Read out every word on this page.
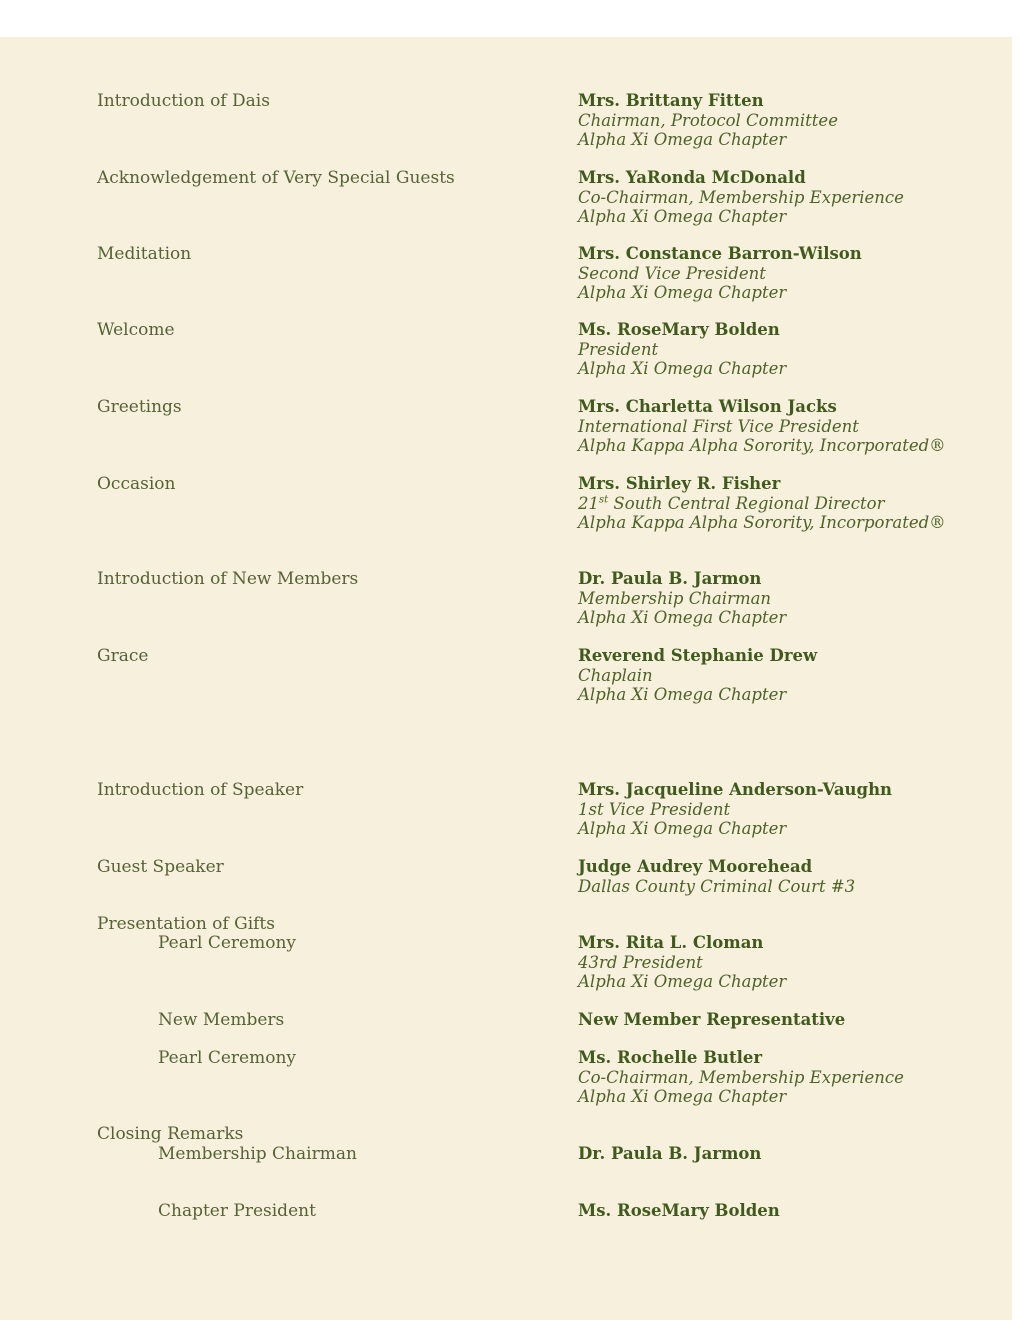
Introduction of Dais	Mrs. Brittany Fitten
Chairman, Protocol Committee
Alpha Xi Omega Chapter
Acknowledgement of Very Special Guests	Mrs. YaRonda McDonald
Co-Chairman, Membership Experience
Alpha Xi Omega Chapter
Meditation	Mrs. Constance Barron-Wilson
Second Vice President
Alpha Xi Omega Chapter
Welcome	Ms. RoseMary Bolden
President
Alpha Xi Omega Chapter
Greetings	Mrs. Charletta Wilson Jacks
International First Vice President
Alpha Kappa Alpha Sorority, Incorporated®
Occasion	Mrs. Shirley R. Fisher
21st South Central Regional Director
Alpha Kappa Alpha Sorority, Incorporated®
Introduction of New Members	Dr. Paula B. Jarmon
Membership Chairman
Alpha Xi Omega Chapter
Grace	Reverend Stephanie Drew
Chaplain
Alpha Xi Omega Chapter
Introduction of Speaker	Mrs. Jacqueline Anderson-Vaughn
1st Vice President
Alpha Xi Omega Chapter
Guest Speaker	Judge Audrey Moorehead
Dallas County Criminal Court #3
Presentation of Gifts
Pearl Ceremony	Mrs. Rita L. Cloman
43rd President
Alpha Xi Omega Chapter
New Members	New Member Representative
Pearl Ceremony	Ms. Rochelle Butler
Co-Chairman, Membership Experience
Alpha Xi Omega Chapter
Closing Remarks
Membership Chairman	Dr. Paula B. Jarmon
Chapter President	Ms. RoseMary Bolden
